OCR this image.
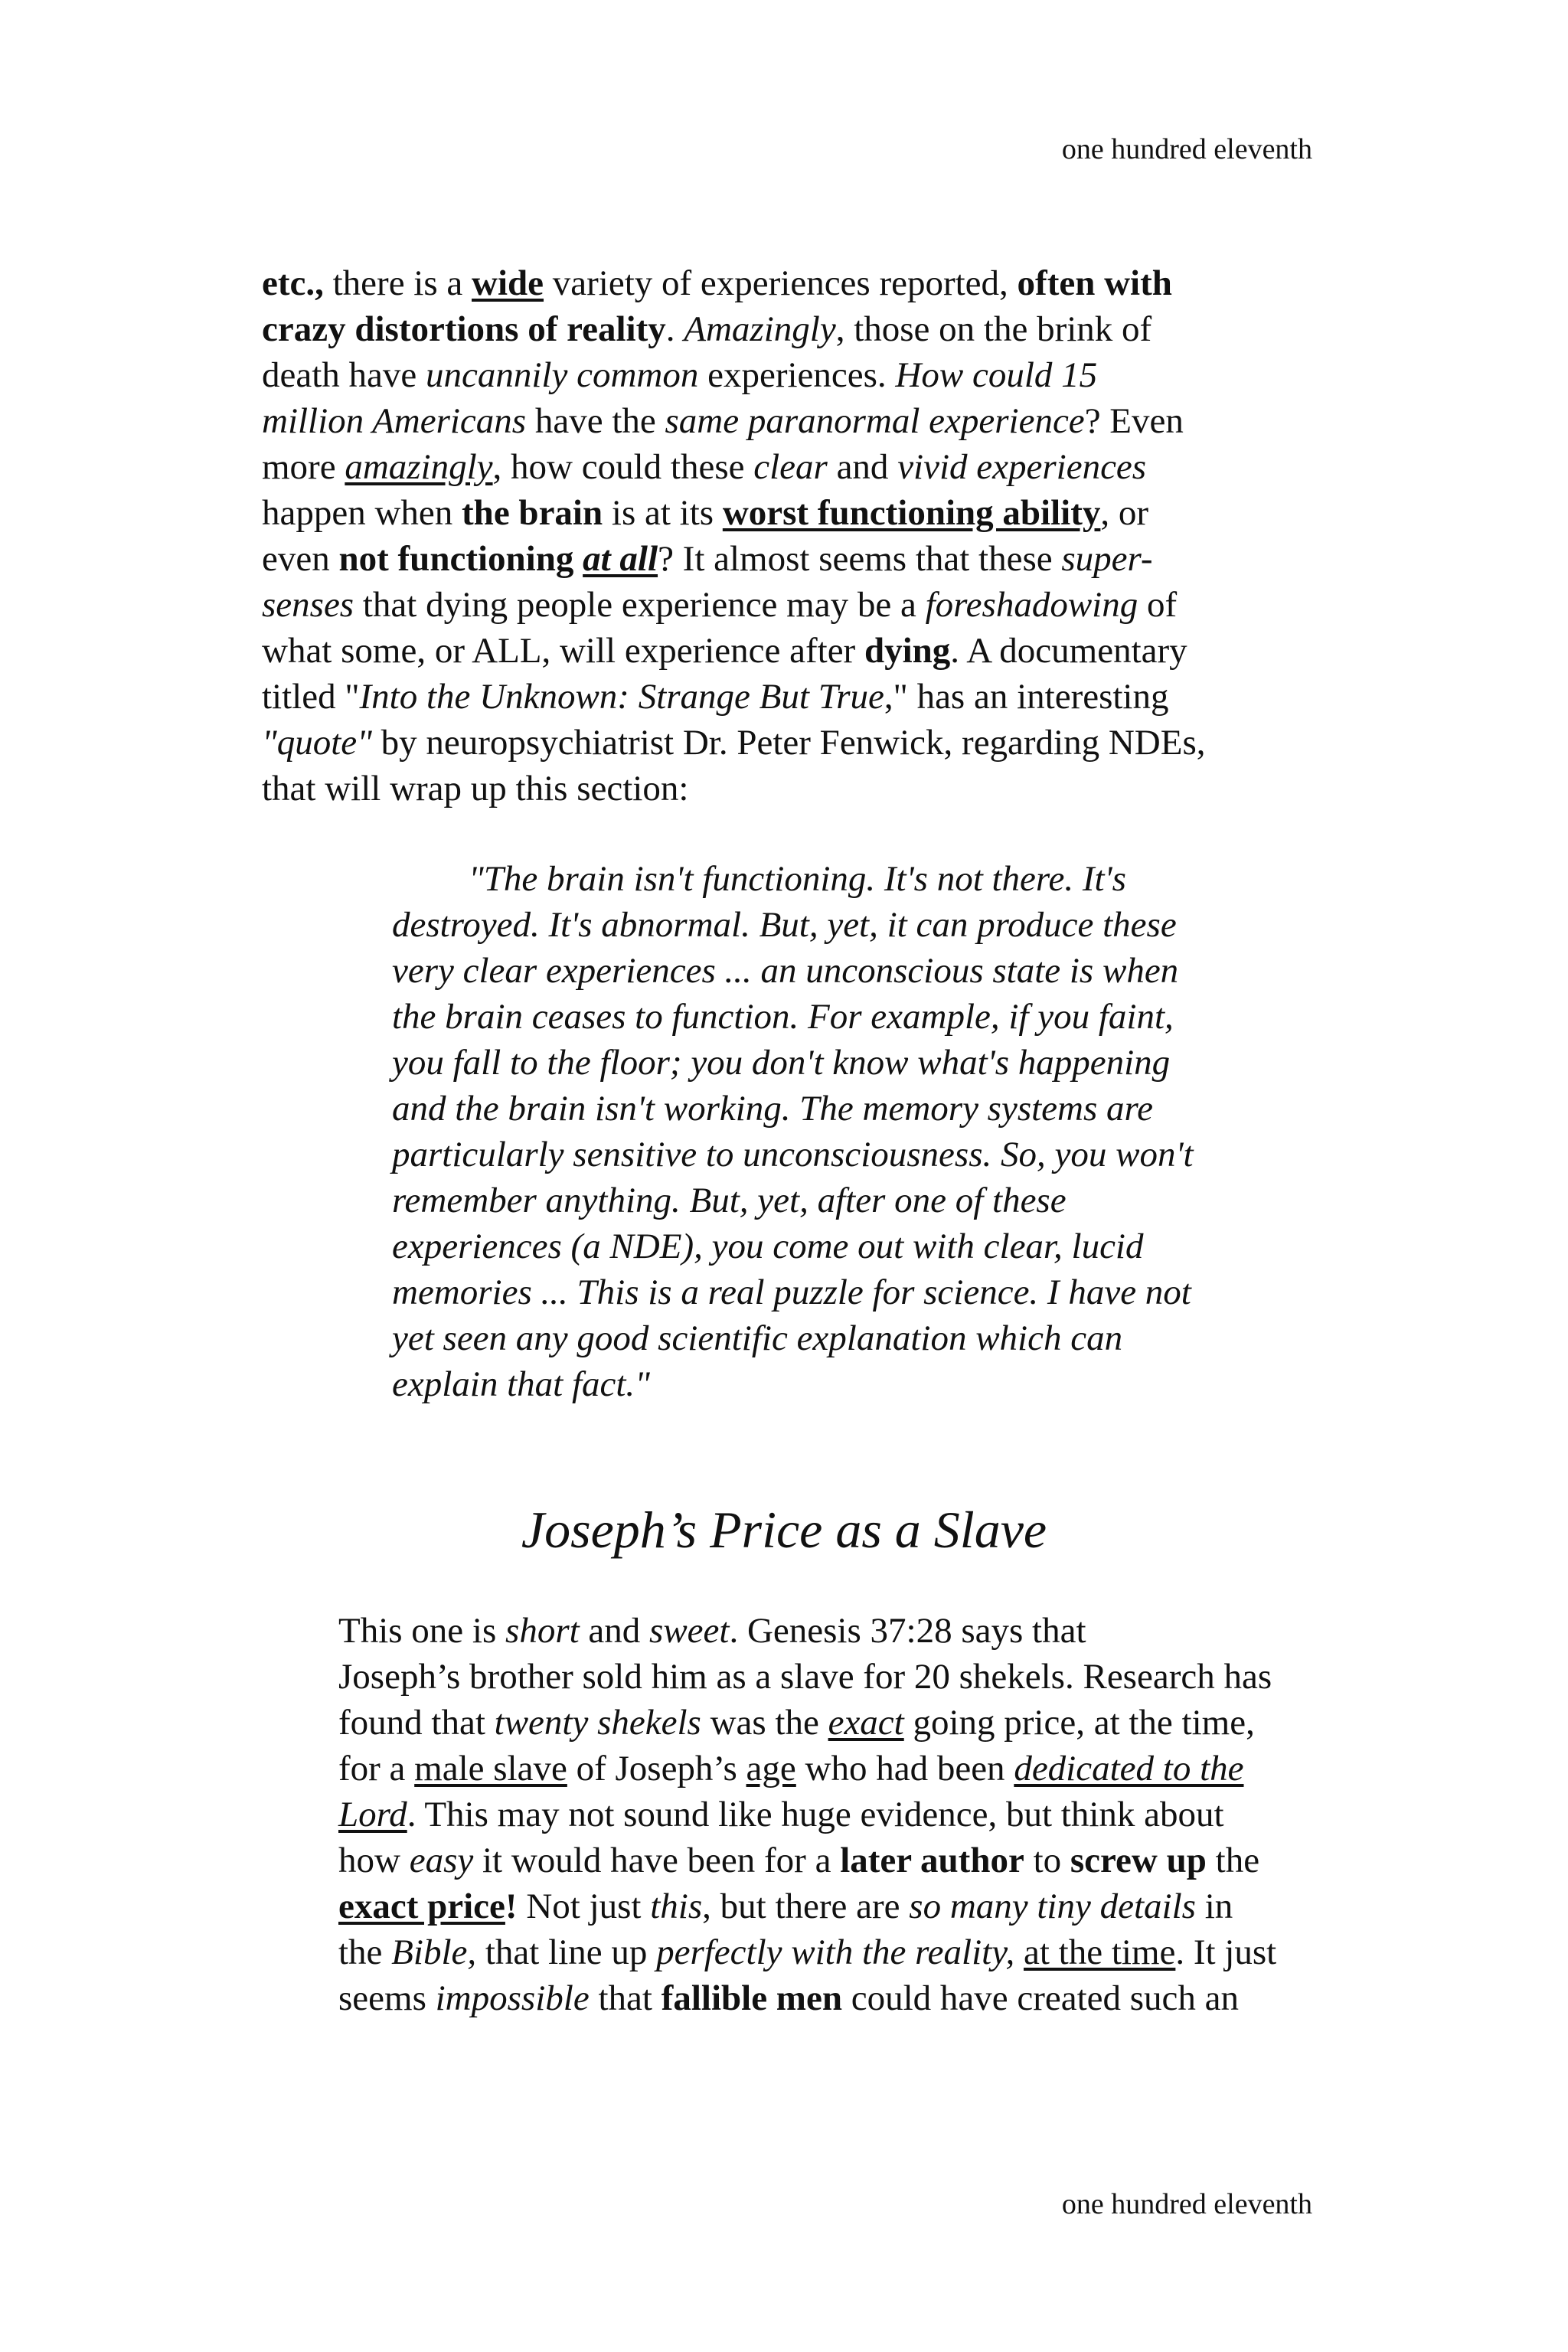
one hundred eleventh
etc., there is a wide variety of experiences reported, often with
crazy distortions of reality. Amazingly, those on the brink of
death have uncannily common experiences. How could 15
million Americans have the same paranormal experience? Even
more amazingly, how could these clear and vivid experiences
happen when the brain is at its worst functioning ability, or
even not functioning at all? It almost seems that these super-
senses that dying people experience may be a foreshadowing of
what some, or ALL, will experience after dying. A documentary
titled "Into the Unknown: Strange But True," has an interesting
"quote" by neuropsychiatrist Dr. Peter Fenwick, regarding NDEs,
that will wrap up this section:
"The brain isn't functioning. It's not there. It's
destroyed. It's abnormal. But, yet, it can produce these
very clear experiences ... an unconscious state is when
the brain ceases to function. For example, if you faint,
you fall to the floor; you don't know what's happening
and the brain isn't working. The memory systems are
particularly sensitive to unconsciousness. So, you won't
remember anything. But, yet, after one of these
experiences (a NDE), you come out with clear, lucid
memories ... This is a real puzzle for science. I have not
yet seen any good scientific explanation which can
explain that fact."
Joseph’s Price as a Slave
This one is short and sweet. Genesis 37:28 says that
Joseph’s brother sold him as a slave for 20 shekels. Research has
found that twenty shekels was the exact going price, at the time,
for a male slave of Joseph’s age who had been dedicated to the
Lord. This may not sound like huge evidence, but think about
how easy it would have been for a later author to screw up the
exact price! Not just this, but there are so many tiny details in
the Bible, that line up perfectly with the reality, at the time. It just
seems impossible that fallible men could have created such an
one hundred eleventh
